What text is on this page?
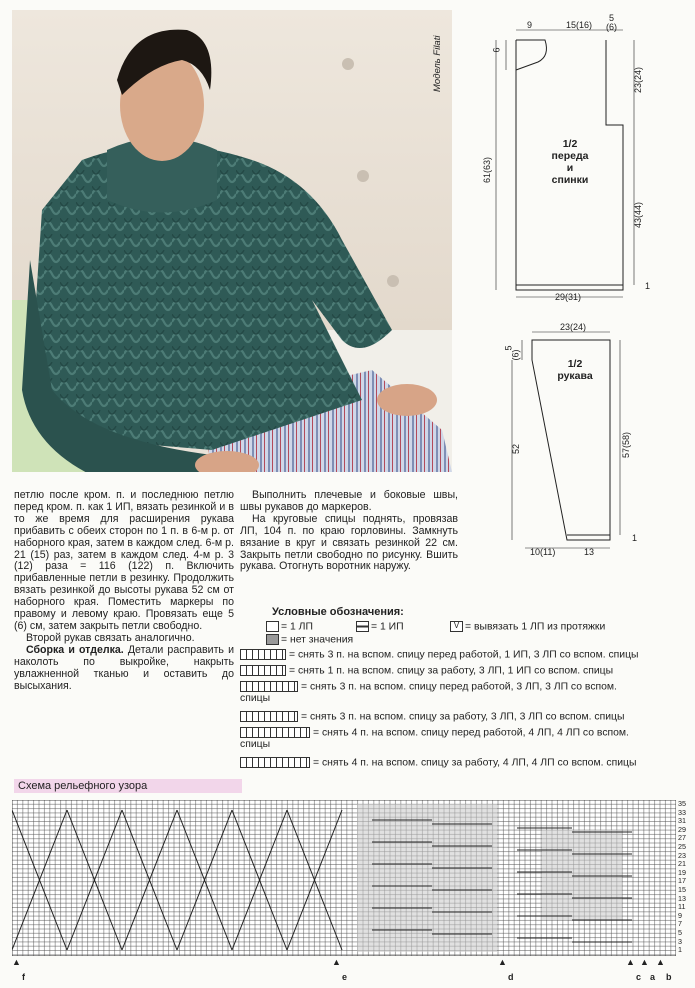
Модель Filati
9	15(16)
5
(6)
6
61(63)
23(24)
43(44)
29(31)
1
1/2
переда
и
спинки
23(24)
5
(6)
52	57(58)
10(11)	13
1
1/2
рукава

петлю после кром. п. и последнюю петлю перед кром. п. как 1 ИП, вязать резинкой и в то же время для расширения рукава прибавить с обеих сторон по 1 п. в 6-м р. от наборного края, затем в каждом след. 6-м р. 21 (15) раз, затем в каждом след. 4-м р. 3 (12) раза = 116 (122) п. Включить прибавленные петли в резинку. Продолжить вязать резинкой до высоты рукава 52 см от наборного края. Поместить маркеры по правому и левому краю. Провязать еще 5 (6) см, затем закрыть петли свободно.

Второй рукав связать аналогично.

Сборка и отделка. Детали расправить и наколоть по выкройке, накрыть увлажненной тканью и оставить до высыхания.

Выполнить плечевые и боковые швы, швы рукавов до маркеров.

На круговые спицы поднять, провязав ЛП, 104 п. по краю горловины. Замкнуть вязание в круг и связать резинкой 22 см. Закрыть петли свободно по рисунку. Вшить рукава. Отогнуть воротник наружу.

Условные обозначения:
= 1 ЛП	= 1 ИП	V = вывязать 1 ЛП из протяжки
= нет значения
= снять 3 п. на вспом. спицу перед работой, 1 ИП, 3 ЛП со вспом. спицы
= снять 1 п. на вспом. спицу за работу, 3 ЛП, 1 ИП со вспом. спицы
= снять 3 п. на вспом. спицу перед работой, 3 ЛП, 3 ЛП со вспом.
спицы
= снять 3 п. на вспом. спицу за работу, 3 ЛП, 3 ЛП со вспом. спицы
= снять 4 п. на вспом. спицу перед работой, 4 ЛП, 4 ЛП со вспом.
спицы
= снять 4 п. на вспом. спицу за работу, 4 ЛП, 4 ЛП со вспом. спицы
Схема рельефного узора
35
33
31
29
27
25
23
21
19
17
15
13
11
9
7
5
3
1
▲
f
▲
e
▲
d
▲
c
▲
a
▲
b
